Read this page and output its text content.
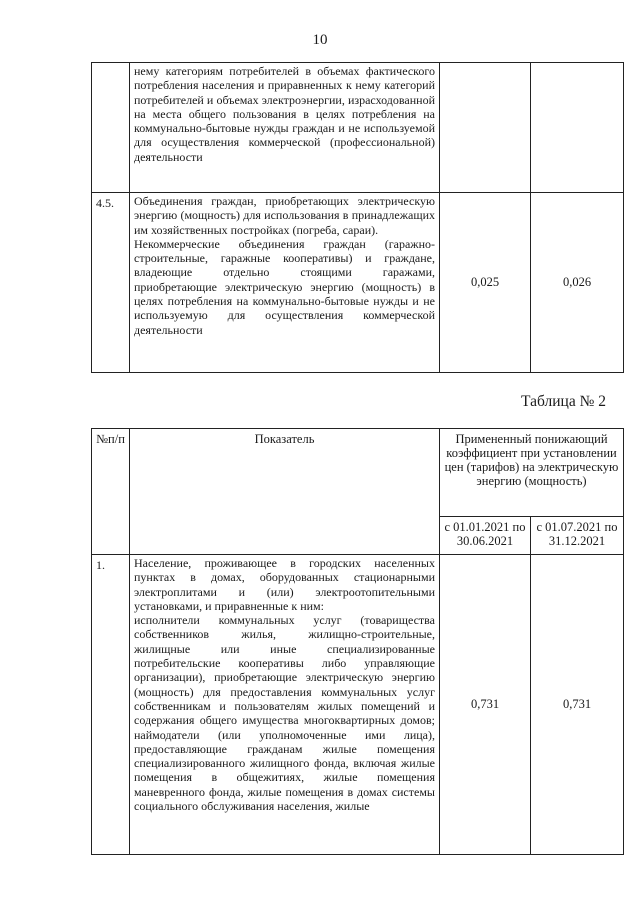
10

	нему категориям потребителей в объемах фактического потребления населения и приравненных к нему категорий потребителей и объемах электроэнергии, израсходованной на места общего пользования в целях потребления на коммунально-бытовые нужды граждан и не используемой для осуществления коммерческой (профессиональной) деятельности		

4.5.	Объединения граждан, приобретающих электрическую энергию (мощность) для использования в принадлежащих им хозяйственных постройках (погреба, сараи).

Некоммерческие объединения граждан (гаражно-строительные, гаражные кооперативы) и граждане, владеющие отдельно стоящими гаражами, приобретающие электрическую энергию (мощность) в целях потребления на коммунально-бытовые нужды и не используемую для осуществления коммерческой деятельности	0,025	0,026
Таблица № 2
№п/п	Показатель	Примененный понижающий коэффициент при установлении цен (тарифов) на электрическую энергию (мощность)	
		с 01.01.2021 по 30.06.2021	с 01.07.2021 по 31.12.2021
1.	Население, проживающее в городских населенных пунктах в домах, оборудованных стационарными электроплитами и (или) электроотопительными установками, и приравненные к ним:

исполнители коммунальных услуг (товарищества собственников жилья, жилищно-строительные, жилищные или иные специализированные потребительские кооперативы либо управляющие организации), приобретающие электрическую энергию (мощность) для предоставления коммунальных услуг собственникам и пользователям жилых помещений и содержания общего имущества многоквартирных домов; наймодатели (или уполномоченные ими лица), предоставляющие гражданам жилые помещения специализированного жилищного фонда, включая жилые помещения в общежитиях, жилые помещения маневренного фонда, жилые помещения в домах системы социального обслуживания населения, жилые	0,731	0,731
